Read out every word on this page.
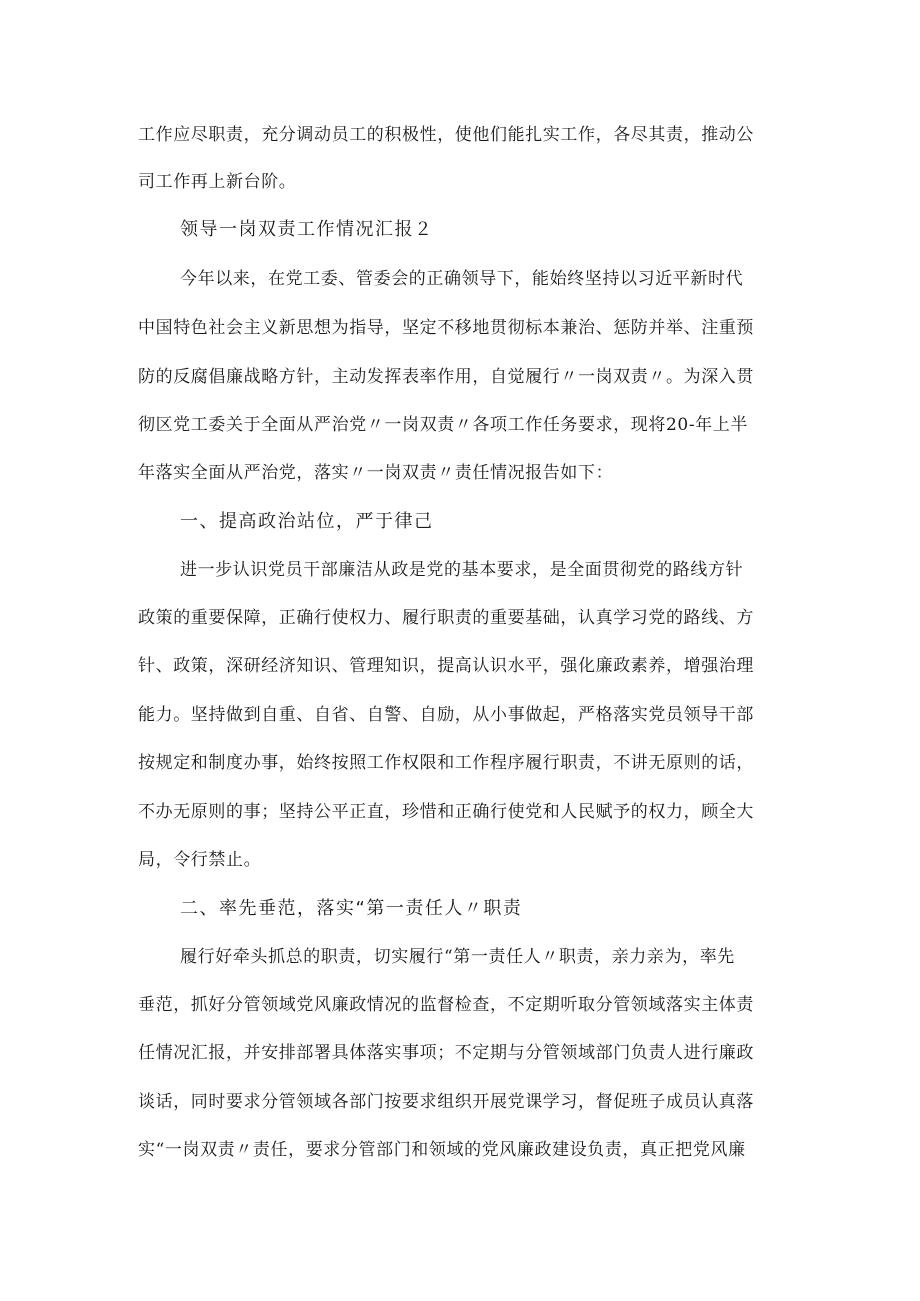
工作应尽职责，充分调动员工的积极性，使他们能扎实工作，各尽其责，推动公
司工作再上新台阶。
领导一岗双责工作情况汇报２
今年以来，在党工委、管委会的正确领导下，能始终坚持以习近平新时代
中国特色社会主义新思想为指导，坚定不移地贯彻标本兼治、惩防并举、注重预
防的反腐倡廉战略方针，主动发挥表率作用，自觉履行〃一岗双责〃。为深入贯
彻区党工委关于全面从严治党〃一岗双责〃各项工作任务要求，现将20-年上半
年落实全面从严治党，落实〃一岗双责〃责任情况报告如下：
一、提高政治站位，严于律己
进一步认识党员干部廉洁从政是党的基本要求，是全面贯彻党的路线方针
政策的重要保障，正确行使权力、履行职责的重要基础，认真学习党的路线、方
针、政策，深研经济知识、管理知识，提高认识水平，强化廉政素养，增强治理
能力。坚持做到自重、自省、自警、自励，从小事做起，严格落实党员领导干部
按规定和制度办事，始终按照工作权限和工作程序履行职责，不讲无原则的话，
不办无原则的事；坚持公平正直，珍惜和正确行使党和人民赋予的权力，顾全大
局，令行禁止。
二、率先垂范，落实“第一责任人〃职责
履行好牵头抓总的职责，切实履行“第一责任人〃职责，亲力亲为，率先
垂范，抓好分管领域党风廉政情况的监督检查，不定期听取分管领域落实主体责
任情况汇报，并安排部署具体落实事项；不定期与分管领域部门负责人进行廉政
谈话，同时要求分管领域各部门按要求组织开展党课学习，督促班子成员认真落
实“一岗双责〃责任，要求分管部门和领域的党风廉政建设负责，真正把党风廉
